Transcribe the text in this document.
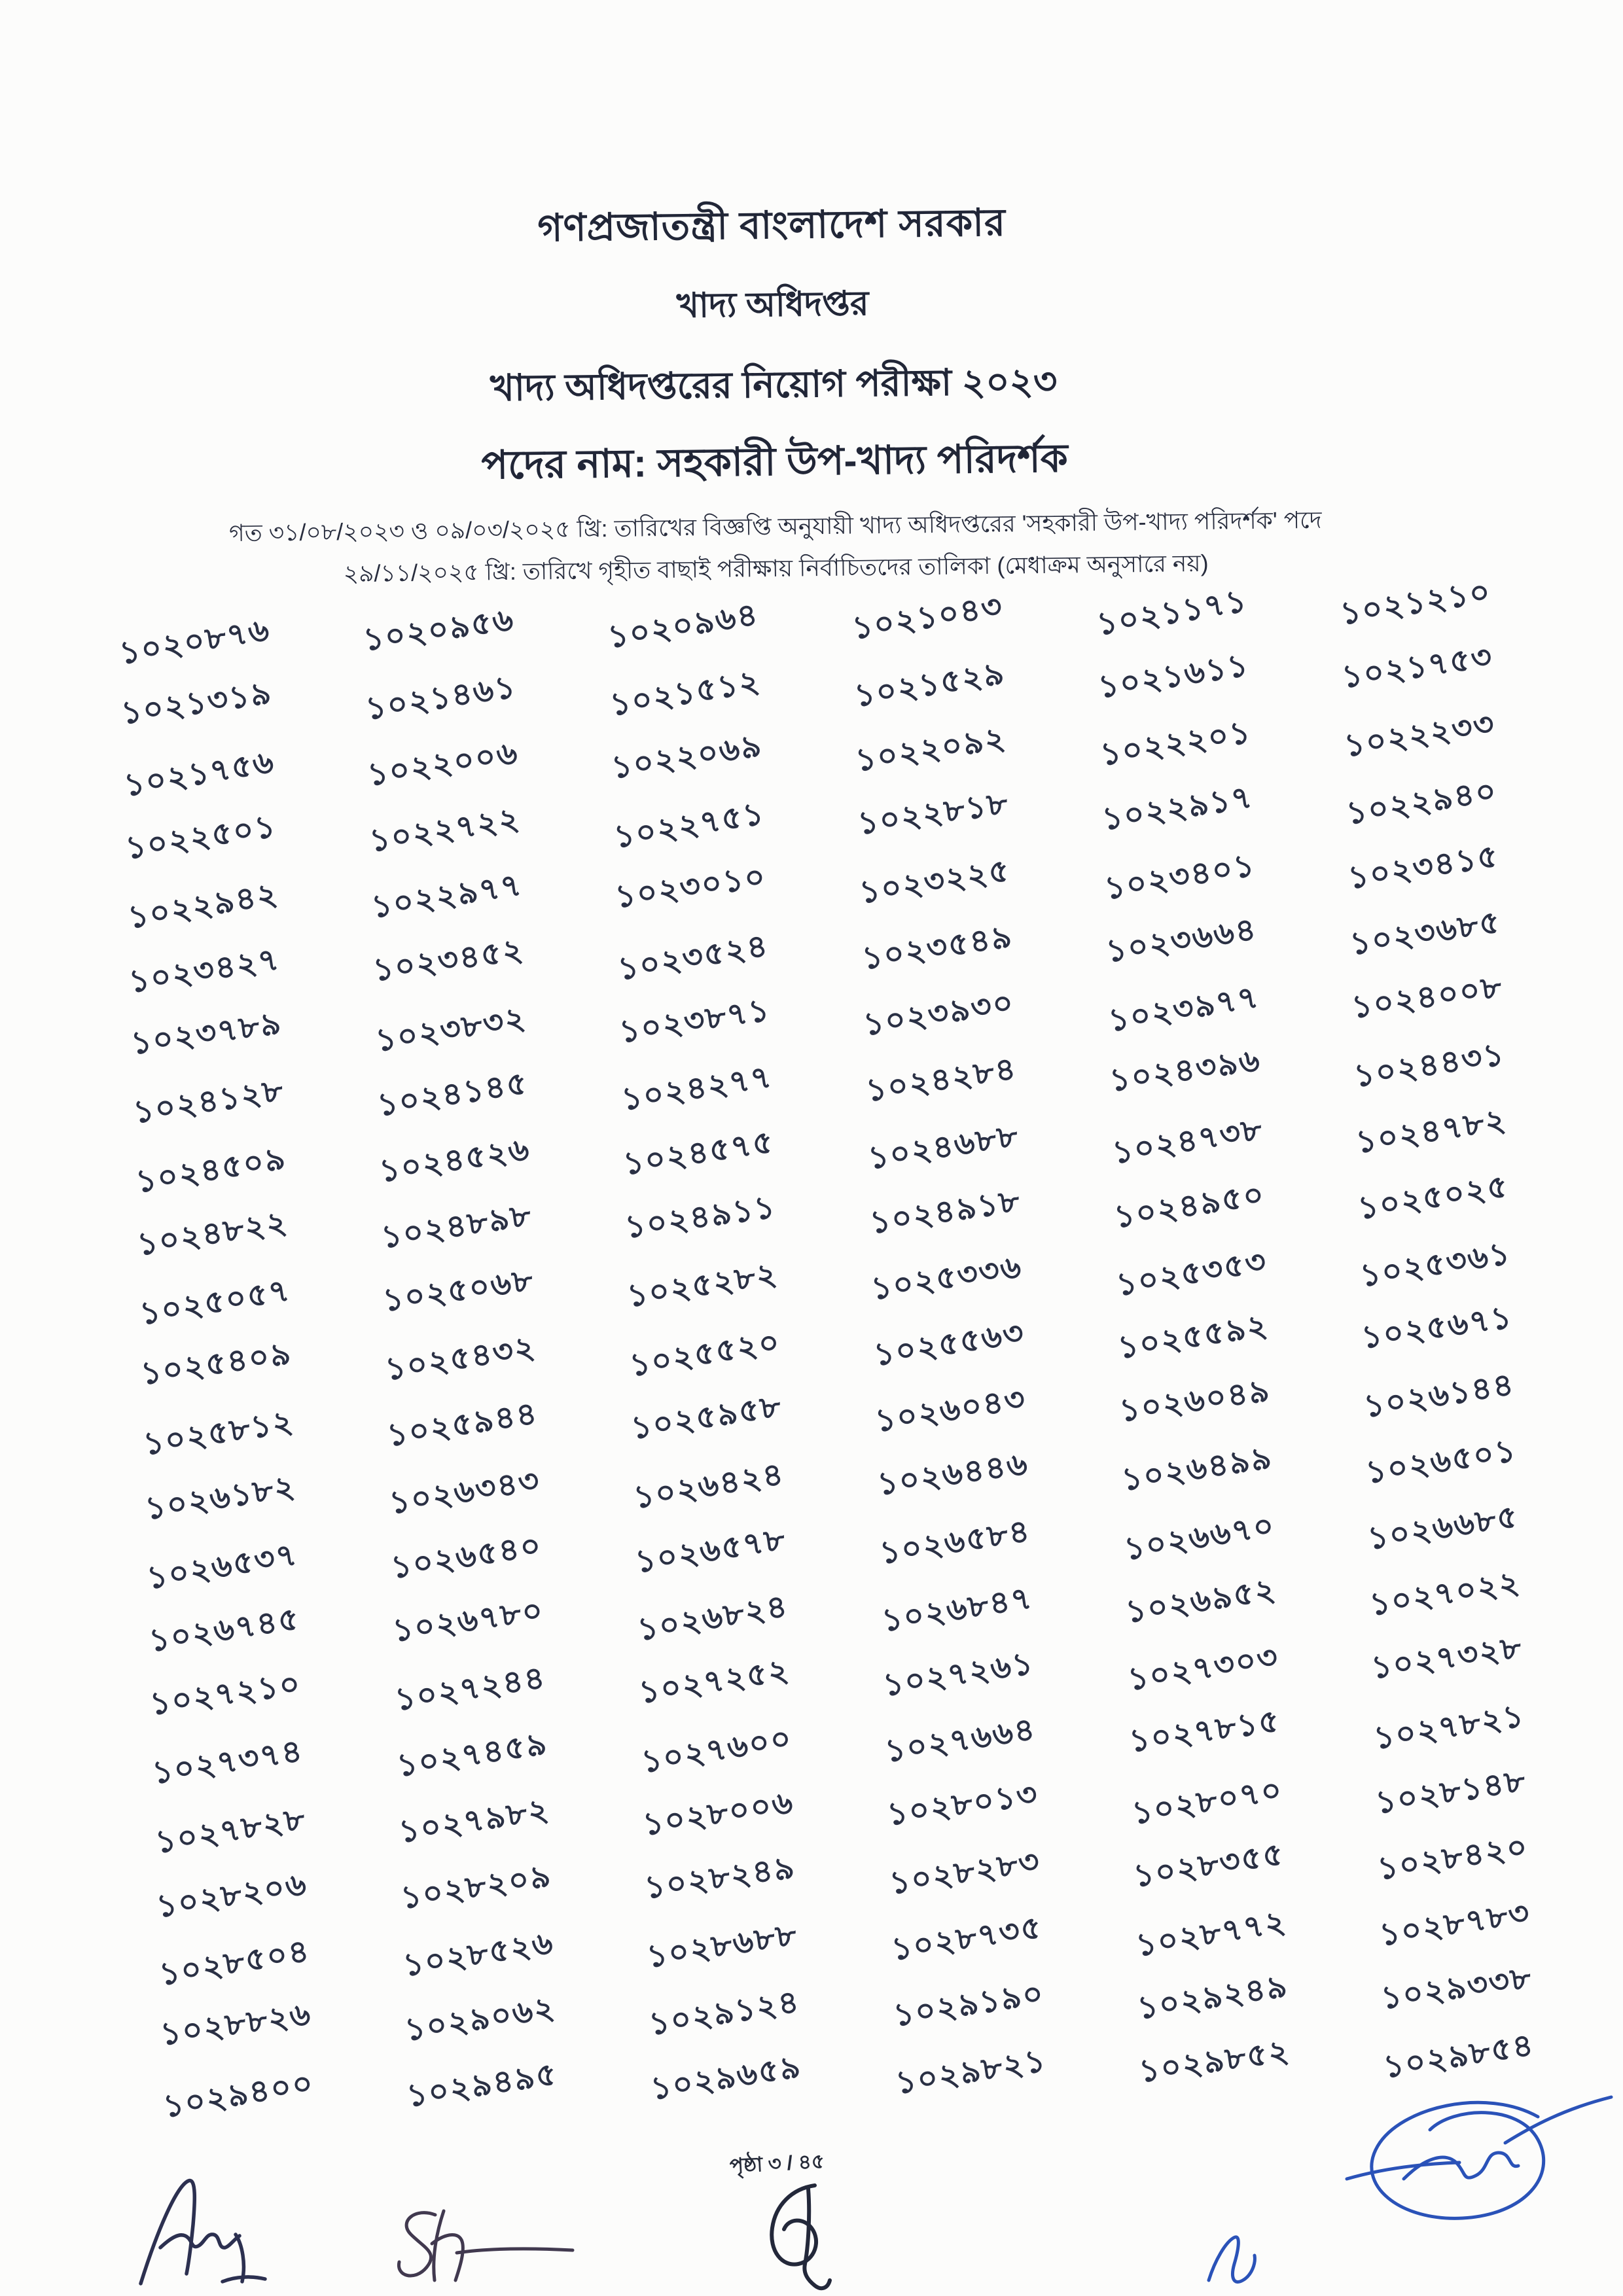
গণপ্রজাতন্ত্রী বাংলাদেশ সরকার
খাদ্য অধিদপ্তর
খাদ্য অধিদপ্তরের নিয়োগ পরীক্ষা ২০২৩
পদের নাম: সহকারী উপ-খাদ্য পরিদর্শক
গত ৩১/০৮/২০২৩ ও ০৯/০৩/২০২৫ খ্রি: তারিখের বিজ্ঞপ্তি অনুযায়ী খাদ্য অধিদপ্তরের 'সহকারী উপ-খাদ্য পরিদর্শক' পদে
২৯/১১/২০২৫ খ্রি: তারিখে গৃহীত বাছাই পরীক্ষায় নির্বাচিতদের তালিকা (মেধাক্রম অনুসারে নয়)
১০২০৮৭৬	১০২০৯৫৬	১০২০৯৬৪	১০২১০৪৩	১০২১১৭১	১০২১২১০
১০২১৩১৯	১০২১৪৬১	১০২১৫১২	১০২১৫২৯	১০২১৬১১	১০২১৭৫৩
১০২১৭৫৬	১০২২০০৬	১০২২০৬৯	১০২২০৯২	১০২২২০১	১০২২২৩৩
১০২২৫০১	১০২২৭২২	১০২২৭৫১	১০২২৮১৮	১০২২৯১৭	১০২২৯৪০
১০২২৯৪২	১০২২৯৭৭	১০২৩০১০	১০২৩২২৫	১০২৩৪০১	১০২৩৪১৫
১০২৩৪২৭	১০২৩৪৫২	১০২৩৫২৪	১০২৩৫৪৯	১০২৩৬৬৪	১০২৩৬৮৫
১০২৩৭৮৯	১০২৩৮৩২	১০২৩৮৭১	১০২৩৯৩০	১০২৩৯৭৭	১০২৪০০৮
১০২৪১২৮	১০২৪১৪৫	১০২৪২৭৭	১০২৪২৮৪	১০২৪৩৯৬	১০২৪৪৩১
১০২৪৫০৯	১০২৪৫২৬	১০২৪৫৭৫	১০২৪৬৮৮	১০২৪৭৩৮	১০২৪৭৮২
১০২৪৮২২	১০২৪৮৯৮	১০২৪৯১১	১০২৪৯১৮	১০২৪৯৫০	১০২৫০২৫
১০২৫০৫৭	১০২৫০৬৮	১০২৫২৮২	১০২৫৩৩৬	১০২৫৩৫৩	১০২৫৩৬১
১০২৫৪০৯	১০২৫৪৩২	১০২৫৫২০	১০২৫৫৬৩	১০২৫৫৯২	১০২৫৬৭১
১০২৫৮১২	১০২৫৯৪৪	১০২৫৯৫৮	১০২৬০৪৩	১০২৬০৪৯	১০২৬১৪৪
১০২৬১৮২	১০২৬৩৪৩	১০২৬৪২৪	১০২৬৪৪৬	১০২৬৪৯৯	১০২৬৫০১
১০২৬৫৩৭	১০২৬৫৪০	১০২৬৫৭৮	১০২৬৫৮৪	১০২৬৬৭০	১০২৬৬৮৫
১০২৬৭৪৫	১০২৬৭৮০	১০২৬৮২৪	১০২৬৮৪৭	১০২৬৯৫২	১০২৭০২২
১০২৭২১০	১০২৭২৪৪	১০২৭২৫২	১০২৭২৬১	১০২৭৩০৩	১০২৭৩২৮
১০২৭৩৭৪	১০২৭৪৫৯	১০২৭৬০০	১০২৭৬৬৪	১০২৭৮১৫	১০২৭৮২১
১০২৭৮২৮	১০২৭৯৮২	১০২৮০০৬	১০২৮০১৩	১০২৮০৭০	১০২৮১৪৮
১০২৮২০৬	১০২৮২০৯	১০২৮২৪৯	১০২৮২৮৩	১০২৮৩৫৫	১০২৮৪২০
১০২৮৫০৪	১০২৮৫২৬	১০২৮৬৮৮	১০২৮৭৩৫	১০২৮৭৭২	১০২৮৭৮৩
১০২৮৮২৬	১০২৯০৬২	১০২৯১২৪	১০২৯১৯০	১০২৯২৪৯	১০২৯৩৩৮
১০২৯৪০০	১০২৯৪৯৫	১০২৯৬৫৯	১০২৯৮২১	১০২৯৮৫২	১০২৯৮৫৪
পৃষ্ঠা ৩ / ৪৫
